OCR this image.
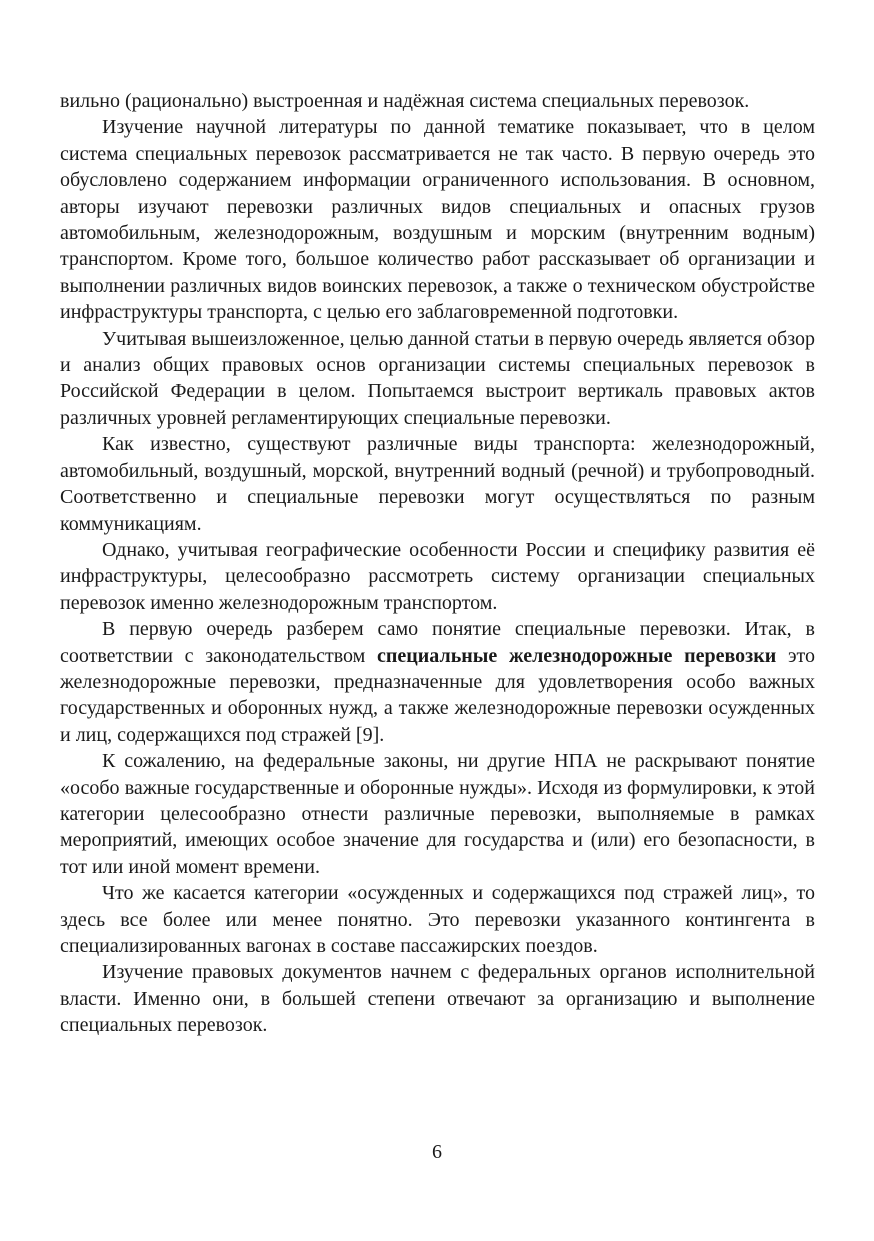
вильно (рационально) выстроенная и надёжная система специальных перевозок.

Изучение научной литературы по данной тематике показывает, что в целом система специальных перевозок рассматривается не так часто. В первую очередь это обусловлено содержанием информации ограниченного использования. В основном, авторы изучают перевозки различных видов специальных и опасных грузов автомобильным, железнодорожным, воздушным и морским (внутренним водным) транспортом. Кроме того, большое количество работ рассказывает об организации и выполнении различных видов воинских перевозок, а также о техническом обустройстве инфраструктуры транспорта, с целью его заблаговременной подготовки.

Учитывая вышеизложенное, целью данной статьи в первую очередь является обзор и анализ общих правовых основ организации системы специальных перевозок в Российской Федерации в целом. Попытаемся выстроит вертикаль правовых актов различных уровней регламентирующих специальные перевозки.

Как известно, существуют различные виды транспорта: железнодорожный, автомобильный, воздушный, морской, внутренний водный (речной) и трубопроводный. Соответственно и специальные перевозки могут осуществляться по разным коммуникациям.

Однако, учитывая географические особенности России и специфику развития её инфраструктуры, целесообразно рассмотреть систему организации специальных перевозок именно железнодорожным транспортом.

В первую очередь разберем само понятие специальные перевозки. Итак, в соответствии с законодательством специальные железнодорожные перевозки это железнодорожные перевозки, предназначенные для удовлетворения особо важных государственных и оборонных нужд, а также железнодорожные перевозки осужденных и лиц, содержащихся под стражей [9].

К сожалению, на федеральные законы, ни другие НПА не раскрывают понятие «особо важные государственные и оборонные нужды». Исходя из формулировки, к этой категории целесообразно отнести различные перевозки, выполняемые в рамках мероприятий, имеющих особое значение для государства и (или) его безопасности, в тот или иной момент времени.

Что же касается категории «осужденных и содержащихся под стражей лиц», то здесь все более или менее понятно. Это перевозки указанного контингента в специализированных вагонах в составе пассажирских поездов.

Изучение правовых документов начнем с федеральных органов исполнительной власти. Именно они, в большей степени отвечают за организацию и выполнение специальных перевозок.

6
